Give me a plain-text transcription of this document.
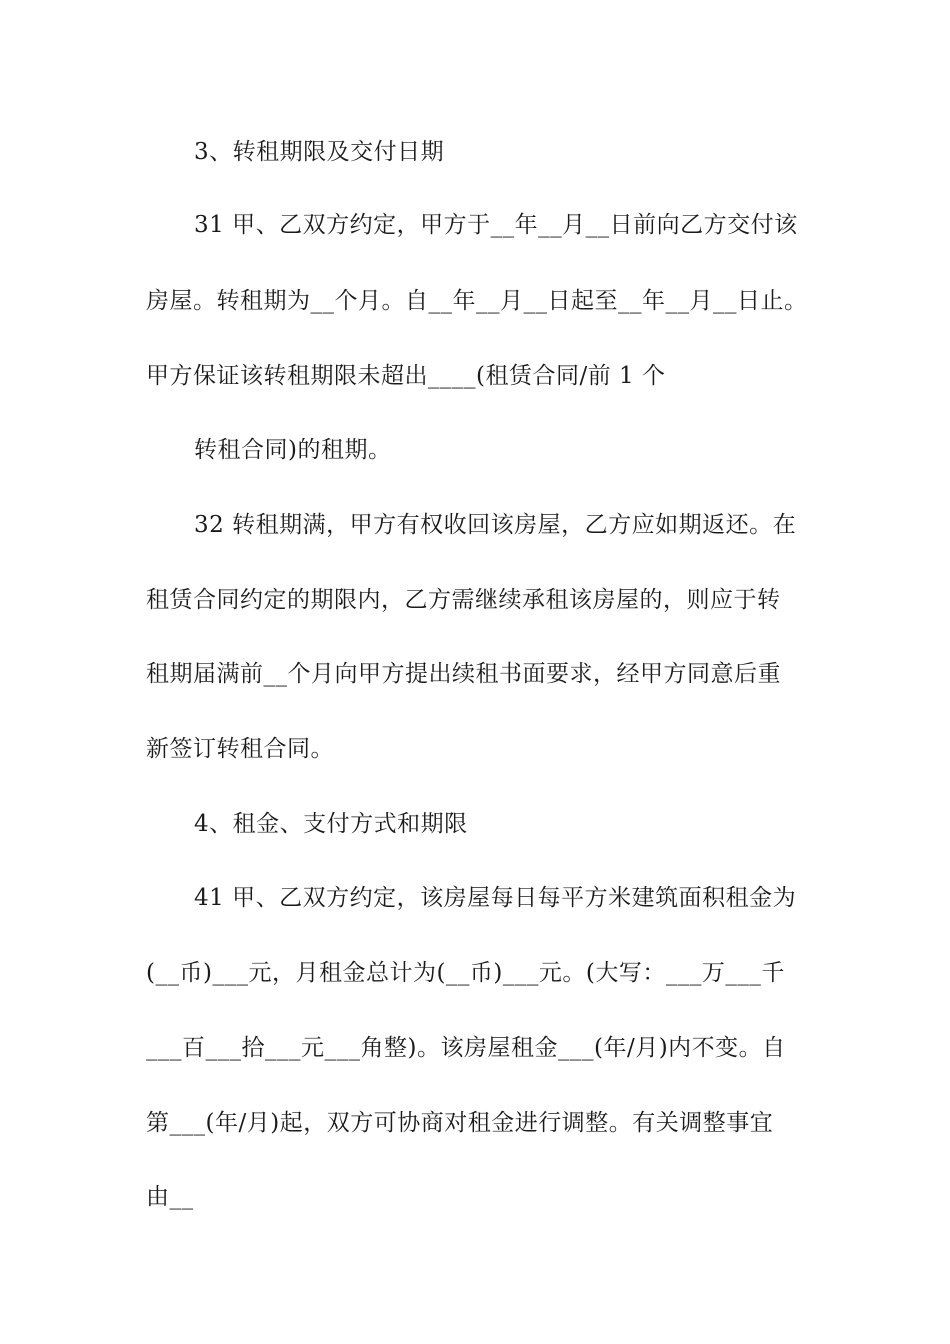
3、转租期限及交付日期
31 甲、乙双方约定，甲方于__年__月__日前向乙方交付该
房屋。转租期为__个月。自__年__月__日起至__年__月__日止。
甲方保证该转租期限未超出____(租赁合同/前 1 个
转租合同)的租期。
32 转租期满，甲方有权收回该房屋，乙方应如期返还。在
租赁合同约定的期限内，乙方需继续承租该房屋的，则应于转
租期届满前__个月向甲方提出续租书面要求，经甲方同意后重
新签订转租合同。
4、租金、支付方式和期限
41 甲、乙双方约定，该房屋每日每平方米建筑面积租金为
(__币)___元，月租金总计为(__币)___元。(大写：___万___千
___百___拾___元___角整)。该房屋租金___(年/月)内不变。自
第___(年/月)起，双方可协商对租金进行调整。有关调整事宜
由__
